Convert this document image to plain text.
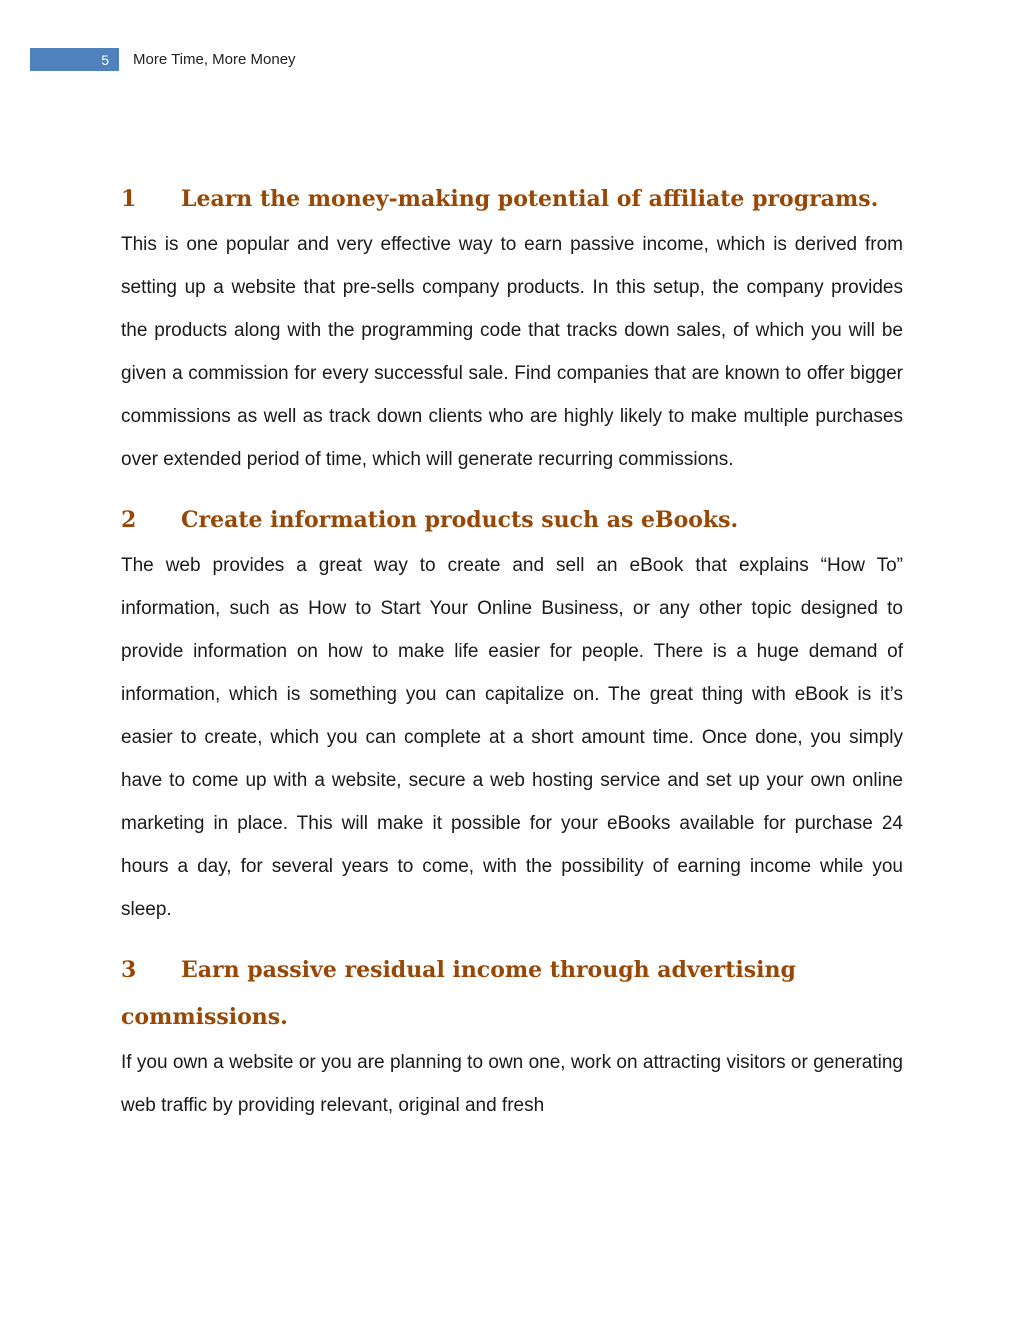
5	More Time, More Money
1	Learn the money-making potential of affiliate programs.

This is one popular and very effective way to earn passive income, which is derived from setting up a website that pre-sells company products. In this setup, the company provides the products along with the programming code that tracks down sales, of which you will be given a commission for every successful sale. Find companies that are known to offer bigger commissions as well as track down clients who are highly likely to make multiple purchases over extended period of time, which will generate recurring commissions.

2	Create information products such as eBooks.

The web provides a great way to create and sell an eBook that explains “How To” information, such as How to Start Your Online Business, or any other topic designed to provide information on how to make life easier for people. There is a huge demand of information, which is something you can capitalize on. The great thing with eBook is it’s easier to create, which you can complete at a short amount time. Once done, you simply have to come up with a website, secure a web hosting service and set up your own online marketing in place. This will make it possible for your eBooks available for purchase 24 hours a day, for several years to come, with the possibility of earning income while you sleep.

3 Earn passive residual income through advertising commissions.

If you own a website or you are planning to own one, work on attracting visitors or generating web traffic by providing relevant, original and fresh
